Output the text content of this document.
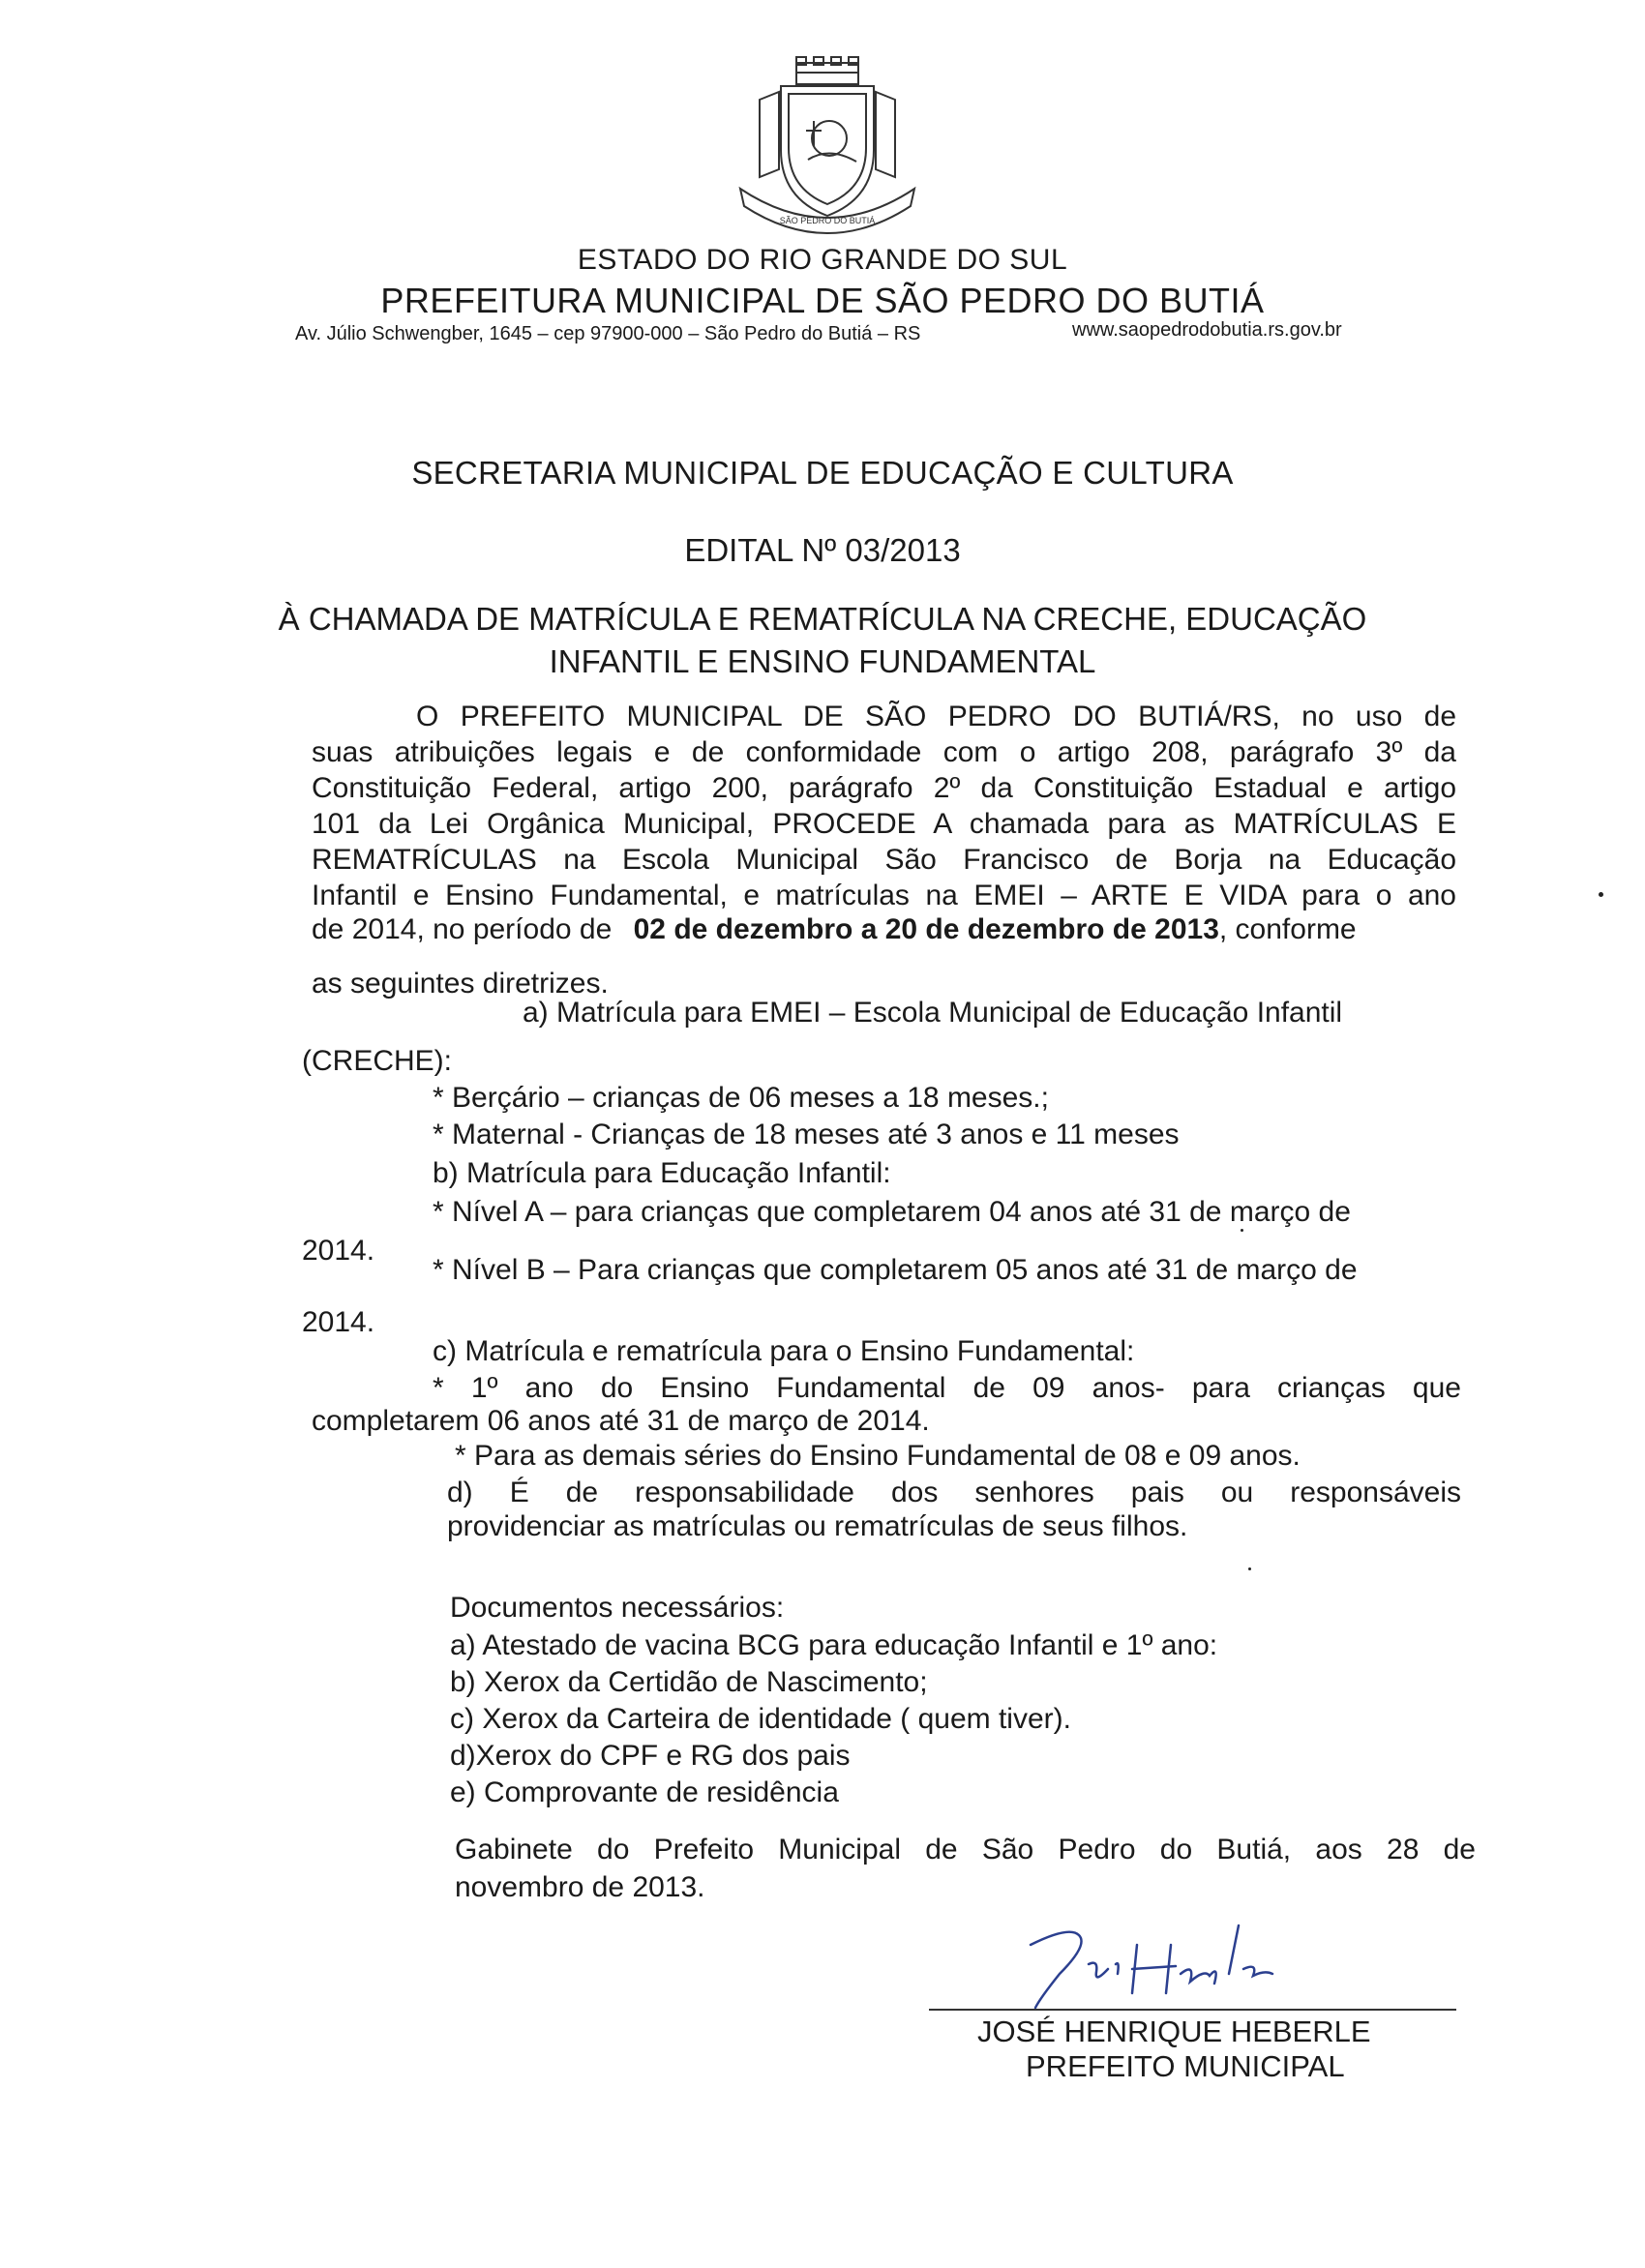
SÃO PEDRO DO BUTIÁ
ESTADO DO RIO GRANDE DO SUL
PREFEITURA MUNICIPAL DE SÃO PEDRO DO BUTIÁ
Av. Júlio Schwengber, 1645 – cep 97900-000 – São Pedro do Butiá – RS	www.saopedrodobutia.rs.gov.br
SECRETARIA MUNICIPAL DE EDUCAÇÃO E CULTURA
EDITAL Nº 03/2013
À CHAMADA DE MATRÍCULA E REMATRÍCULA NA CRECHE, EDUCAÇÃO
INFANTIL E ENSINO FUNDAMENTAL
O PREFEITO MUNICIPAL DE SÃO PEDRO DO BUTIÁ/RS, no uso de
suas atribuições legais e de conformidade com o artigo 208, parágrafo 3º da
Constituição Federal, artigo 200, parágrafo 2º da Constituição Estadual e artigo
101 da Lei Orgânica Municipal, PROCEDE A chamada para as MATRÍCULAS E
REMATRÍCULAS na Escola Municipal São Francisco de Borja na Educação
Infantil e Ensino Fundamental, e matrículas na EMEI – ARTE E VIDA para o ano
de 2014, no período de 02 de dezembro a 20 de dezembro de 2013, conforme
as seguintes diretrizes.
a) Matrícula para EMEI – Escola Municipal de Educação Infantil
(CRECHE):
* Berçário – crianças de 06 meses a 18 meses.;
* Maternal - Crianças de 18 meses até 3 anos e 11 meses
b) Matrícula para Educação Infantil:
* Nível A – para crianças que completarem 04 anos até 31 de março de
2014.
* Nível B – Para crianças que completarem 05 anos até 31 de março de
2014.
c) Matrícula e rematrícula para o Ensino Fundamental:
* 1º ano do Ensino Fundamental de 09 anos- para crianças que
completarem 06 anos até 31 de março de 2014.
* Para as demais séries do Ensino Fundamental de 08 e 09 anos.
d) É de responsabilidade dos senhores pais ou responsáveis
providenciar as matrículas ou rematrículas de seus filhos.
Documentos necessários:
a) Atestado de vacina BCG para educação Infantil e 1º ano:
b) Xerox da Certidão de Nascimento;
c) Xerox da Carteira de identidade ( quem tiver).
d)Xerox do CPF e RG dos pais
e) Comprovante de residência
Gabinete do Prefeito Municipal de São Pedro do Butiá, aos 28 de
novembro de 2013.
JOSÉ HENRIQUE HEBERLE
PREFEITO MUNICIPAL
